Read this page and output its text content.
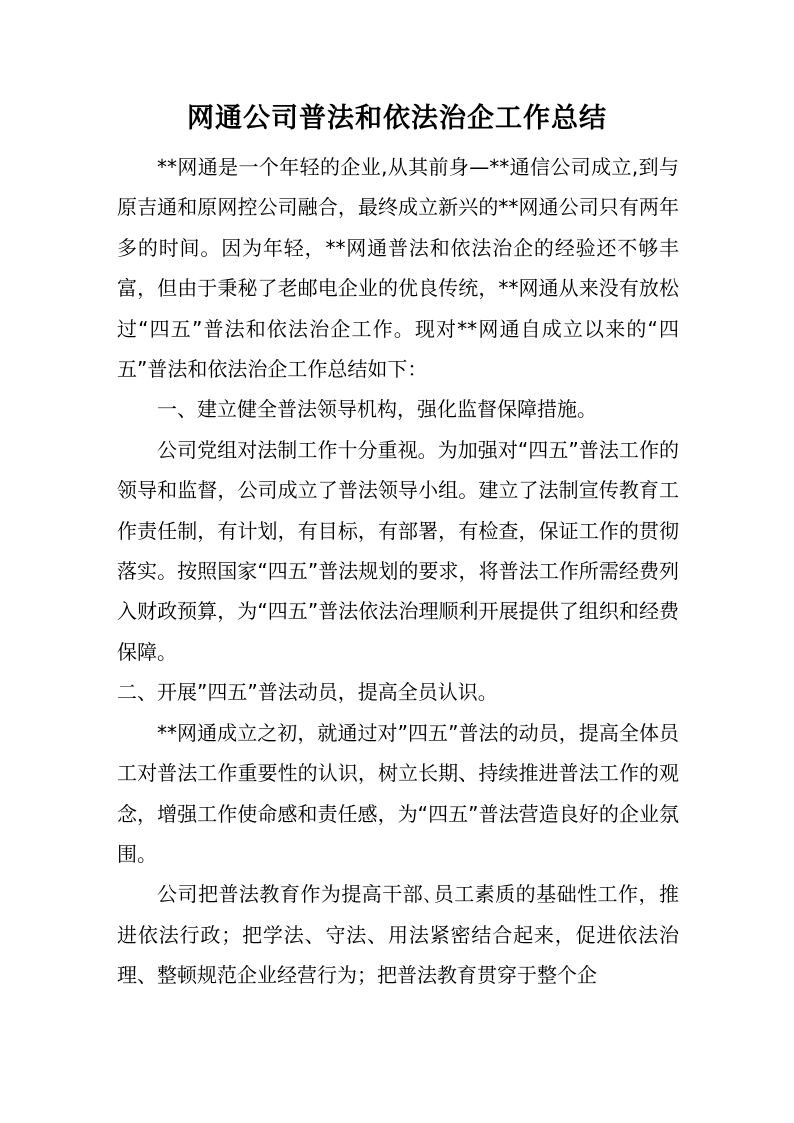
网通公司普法和依法治企工作总结

**网通是一个年轻的企业,从其前身—**通信公司成立,到与原吉通和原网控公司融合，最终成立新兴的**网通公司只有两年多的时间。因为年轻，**网通普法和依法治企的经验还不够丰富，但由于秉秘了老邮电企业的优良传统，**网通从来没有放松过“四五”普法和依法治企工作。现对**网通自成立以来的“四五”普法和依法治企工作总结如下：

一、建立健全普法领导机构，强化监督保障措施。

公司党组对法制工作十分重视。为加强对“四五”普法工作的领导和监督，公司成立了普法领导小组。建立了法制宣传教育工作责任制，有计划，有目标，有部署，有检查，保证工作的贯彻落实。按照国家“四五”普法规划的要求，将普法工作所需经费列入财政预算，为“四五”普法依法治理顺利开展提供了组织和经费保障。

二、开展”四五”普法动员，提高全员认识。

**网通成立之初，就通过对”四五”普法的动员，提高全体员工对普法工作重要性的认识，树立长期、持续推进普法工作的观念，增强工作使命感和责任感，为“四五”普法营造良好的企业氛围。

公司把普法教育作为提高干部､员工素质的基础性工作，推进依法行政；把学法、守法、用法紧密结合起来，促进依法治理、整顿规范企业经营行为；把普法教育贯穿于整个企
